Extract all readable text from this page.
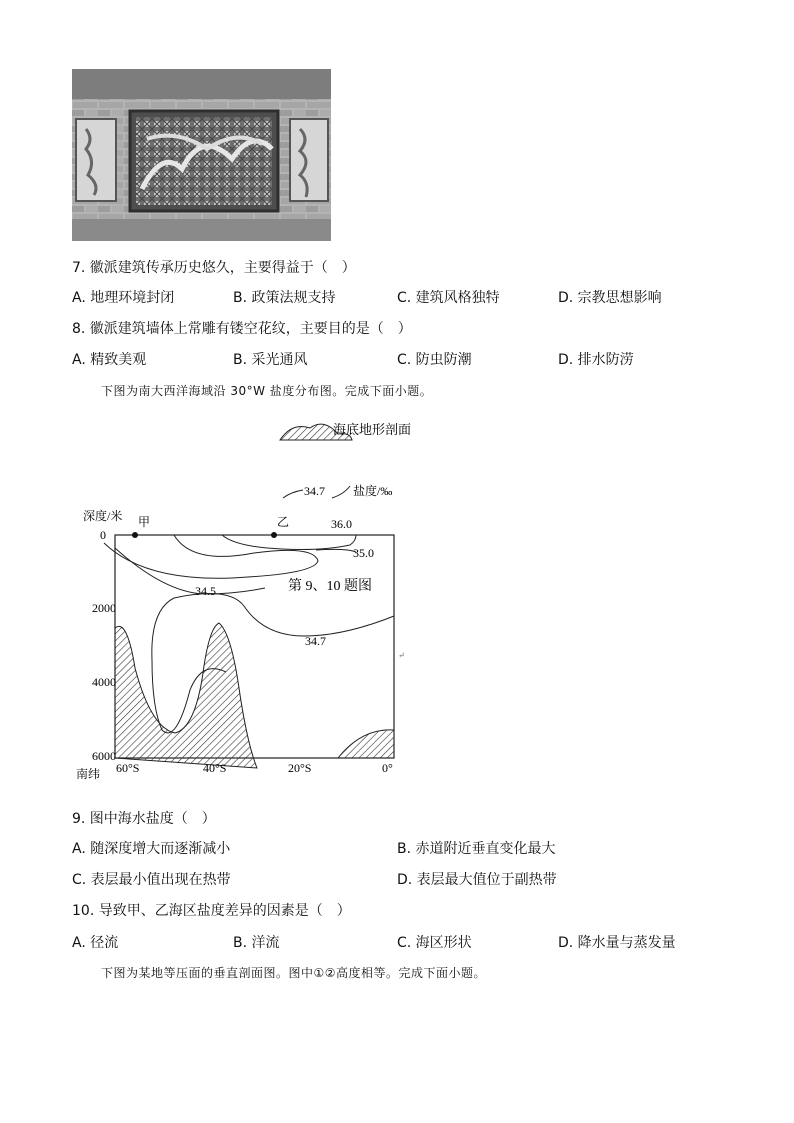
7. 徽派建筑传承历史悠久，主要得益于（　）
A. 地理环境封闭	B. 政策法规支持	C. 建筑风格独特	D. 宗教思想影响
8. 徽派建筑墙体上常雕有镂空花纹，主要目的是（　）
A. 精致美观	B. 采光通风	C. 防虫防潮	D. 排水防涝
下图为南大西洋海域沿 30°W 盐度分布图。完成下面小题。
海底地形剖面
34.7 盐度/‰
深度/米 甲	乙	36.0
35.0
34.5
34.7
第 9、10 题图
↵
0
2000
4000
6000
南纬 60°S	40°S	20°S	0°
9. 图中海水盐度（　）
A. 随深度增大而逐渐减小	B. 赤道附近垂直变化最大
C. 表层最小值出现在热带	D. 表层最大值位于副热带
10. 导致甲、乙海区盐度差异的因素是（　）
A. 径流	B. 洋流	C. 海区形状	D. 降水量与蒸发量
下图为某地等压面的垂直剖面图。图中①②高度相等。完成下面小题。
